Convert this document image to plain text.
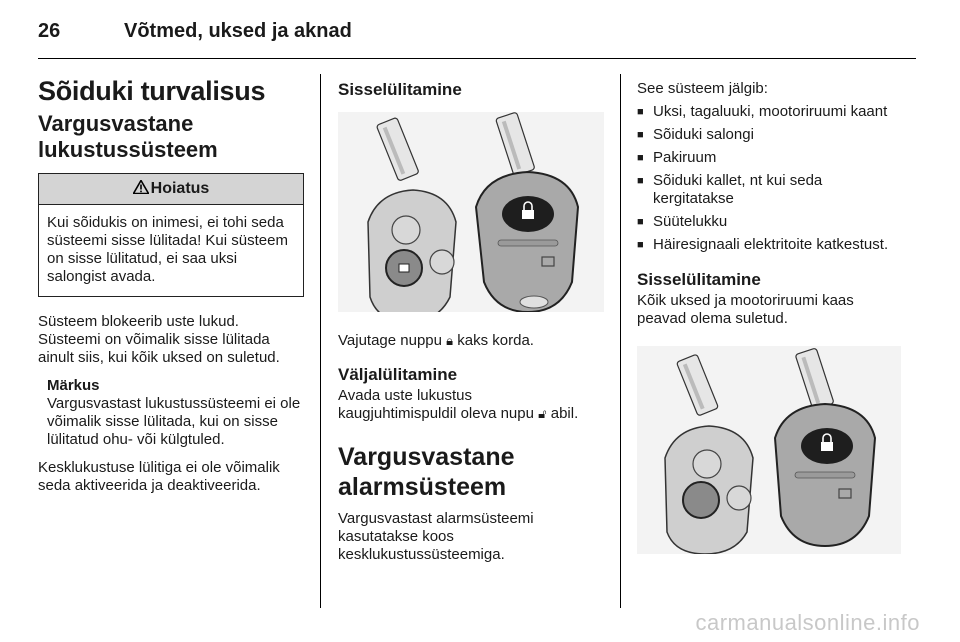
26	Võtmed, uksed ja aknad
Sõiduki turvalisus
Vargusvastane lukustussüsteem
Hoiatus
Kui sõidukis on inimesi, ei tohi seda süsteemi sisse lülitada! Kui süsteem on sisse lülitatud, ei saa uksi salongist avada.

Süsteem blokeerib uste lukud. Süsteemi on võimalik sisse lülitada ainult siis, kui kõik uksed on suletud.

Märkus

Vargusvastast lukustussüsteemi ei ole võimalik sisse lülitada, kui on sisse lülitatud ohu- või külgtuled.

Kesklukustuse lülitiga ei ole võimalik seda aktiveerida ja deaktiveerida.

Sisselülitamine

Vajutage nuppu 🔒︎ kaks korda.

Väljalülitamine

Avada uste lukustus

kaugjuhtimispuldil oleva nupu 🔓︎ abil.

Vargusvastane alarmsüsteem

Vargusvastast alarmsüsteemi kasutatakse koos kesklukustussüsteemiga.

See süsteem jälgib:

■ Uksi, tagaluuki, mootoriruumi kaant
■ Sõiduki salongi
■ Pakiruum
■ Sõiduki kallet, nt kui seda kergitatakse
■ Süütelukku
■ Häiresignaali elektritoite katkestust.
Sisselülitamine

Kõik uksed ja mootoriruumi kaas peavad olema suletud.

carmanualsonline.info
